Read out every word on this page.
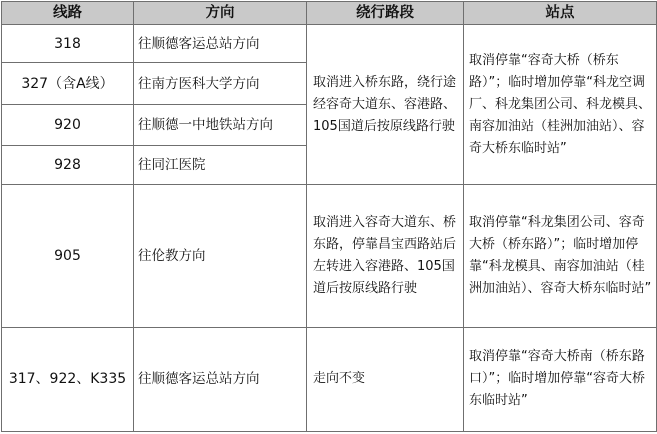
线路	方向	绕行路段	站点
318	往顺德客运总站方向	取消进入桥东路，绕行途经容奇大道东、容港路、105国道后按原线路行驶	取消停靠“容奇大桥（桥东路）”；临时增加停靠“科龙空调厂、科龙集团公司、科龙模具、南容加油站（桂洲加油站）、容奇大桥东临时站”
327（含A线）	往南方医科大学方向		
920	往顺德一中地铁站方向		
928	往同江医院		
905	往伦教方向	取消进入容奇大道东、桥东路，停靠昌宝西路站后左转进入容港路、105国道后按原线路行驶	取消停靠“科龙集团公司、容奇大桥（桥东路）”；临时增加停靠“科龙模具、南容加油站（桂洲加油站）、容奇大桥东临时站”
317、922、K335	往顺德客运总站方向	走向不变	取消停靠“容奇大桥南（桥东路口）”；临时增加停靠“容奇大桥东临时站”
